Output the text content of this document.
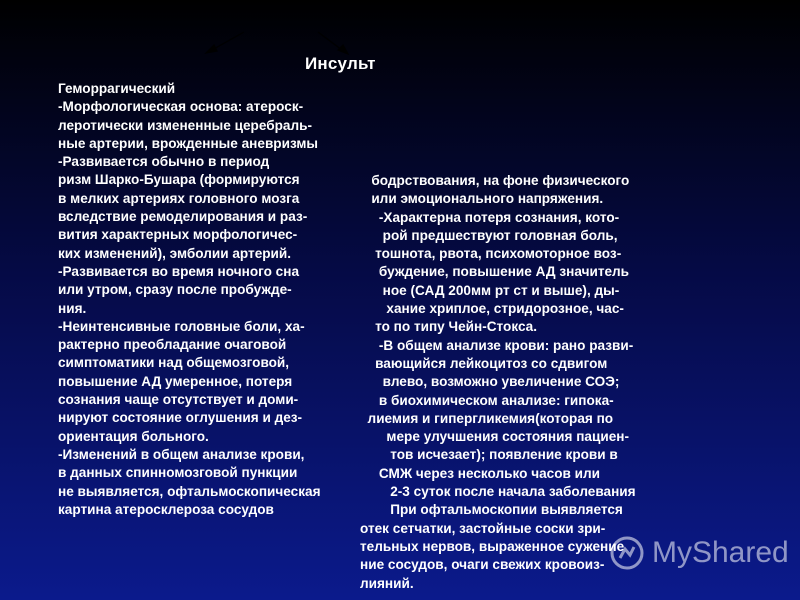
Инсульт
Геморрагический
-Морфологическая основа: атероск-
леротически измененные церебраль-
ные артерии, врожденные аневризмы
-Развивается обычно в период
ризм Шарко-Бушара (формируются
в мелких артериях головного мозга
вследствие ремоделирования и раз-
вития характерных морфологичес-
ких изменений), эмболии артерий.
-Развивается во время ночного сна
или утром, сразу после пробужде-
ния.
-Неинтенсивные головные боли, ха-
рактерно преобладание очаговой
симптоматики над общемозговой,
повышение АД умеренное, потеря
сознания чаще отсутствует и доми-
нируют состояние оглушения и дез-
ориентация больного.
-Изменений в общем анализе крови,
в данных спинномозговой пункции
не выявляется, офтальмоскопическая
картина атеросклероза сосудов
бодрствования, на фоне физического
или эмоционального напряжения.
-Характерна потеря сознания, кото-
рой предшествуют головная боль,
тошнота, рвота, психомоторное воз-
буждение, повышение АД значитель
ное (САД 200мм рт ст и выше), ды-
хание хриплое, стридорозное, час-
то по типу Чейн-Стокса.
-В общем анализе крови: рано разви-
вающийся лейкоцитоз со сдвигом
влево, возможно увеличение СОЭ;
в биохимическом анализе: гипока-
лиемия и гипергликемия(которая по
мере улучшения состояния пациен-
тов исчезает); появление крови в
СМЖ через несколько часов или
2-3 суток после начала заболевания
При офтальмоскопии выявляется
отек сетчатки, застойные соски зри-
тельных нервов, выраженное сужение
ние сосудов, очаги свежих кровоиз-
лияний.
MyShared
